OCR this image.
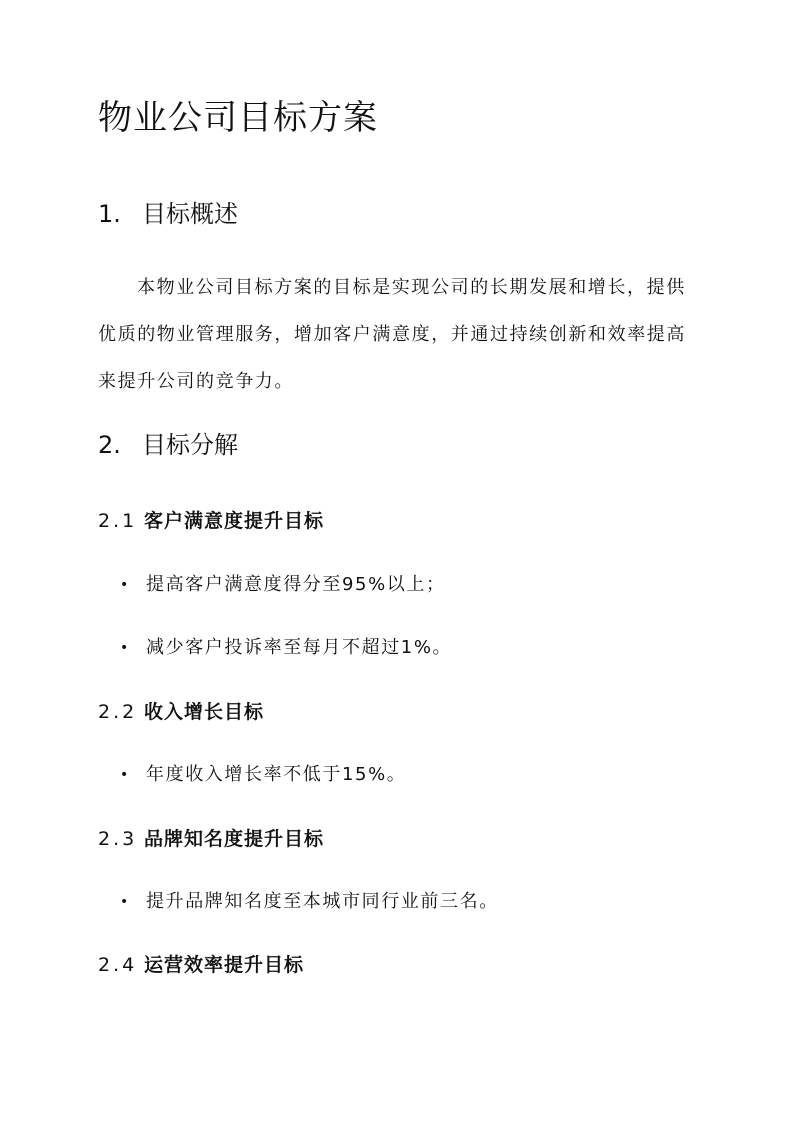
物业公司目标方案
1. 目标概述

本物业公司目标方案的目标是实现公司的长期发展和增长，提供优质的物业管理服务，增加客户满意度，并通过持续创新和效率提高来提升公司的竞争力。

2. 目标分解
2.1 客户满意度提升目标

• 提高客户满意度得分至95%以上；

• 减少客户投诉率至每月不超过1%。

2.2 收入增长目标

• 年度收入增长率不低于15%。

2.3 品牌知名度提升目标

• 提升品牌知名度至本城市同行业前三名。

2.4 运营效率提升目标
